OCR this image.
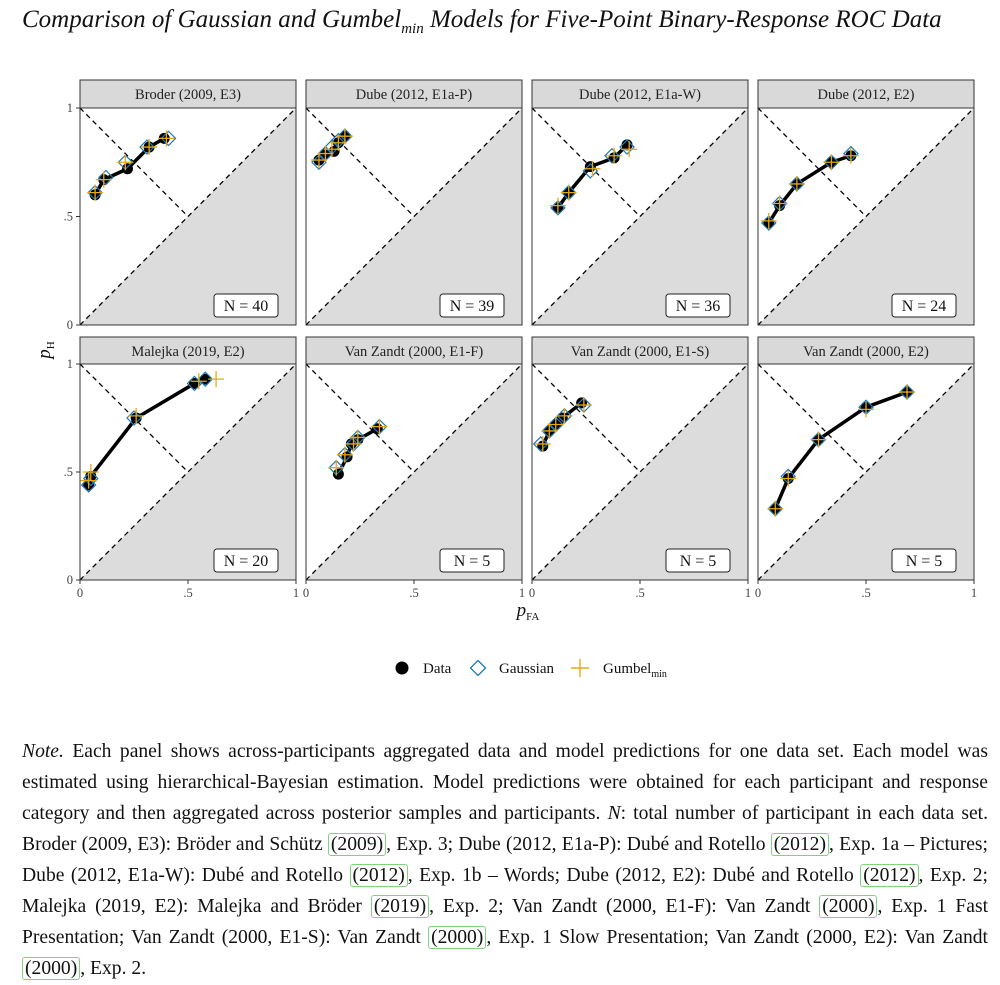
Comparison of Gaussian and Gumbel$_{min}$ Models for Five-Point Binary-Response ROC Data
Broder (2009, E3)
N = 40
0
.5
1
Dube (2012, E1a-P)
N = 39
Dube (2012, E1a-W)
N = 36
Dube (2012, E2)
N = 24
Malejka (2019, E2)
N = 20
0
.5
1
0	.5	1
Van Zandt (2000, E1-F)
N = 5
0	.5	1
Van Zandt (2000, E1-S)
N = 5
0	.5	1
Van Zandt (2000, E2)
N = 5
0	.5	1
$p_H$
$p_{FA}$
Data	Gaussian	Gumbel$_{min}$
Note. Each panel shows across-participants aggregated data and model predictions for one data set. Each model was estimated using hierarchical-Bayesian estimation. Model predictions were obtained for each participant and response category and then aggregated across posterior samples and participants. N: total number of participant in each data set. Broder (2009, E3): Bröder and Schütz (2009) , Exp. 3; Dube (2012, E1a-P): Dubé and Rotello (2012) , Exp. 1a – Pictures; Dube (2012, E1a-W): Dubé and Rotello (2012) , Exp. 1b – Words; Dube (2012, E2): Dubé and Rotello (2012) , Exp. 2; Malejka (2019, E2): Malejka and Bröder (2019) , Exp. 2; Van Zandt (2000, E1-F): Van Zandt (2000) , Exp. 1 Fast Presentation; Van Zandt (2000, E1-S): Van Zandt (2000) , Exp. 1 Slow Presentation; Van Zandt (2000, E2): Van Zandt (2000) , Exp. 2.
